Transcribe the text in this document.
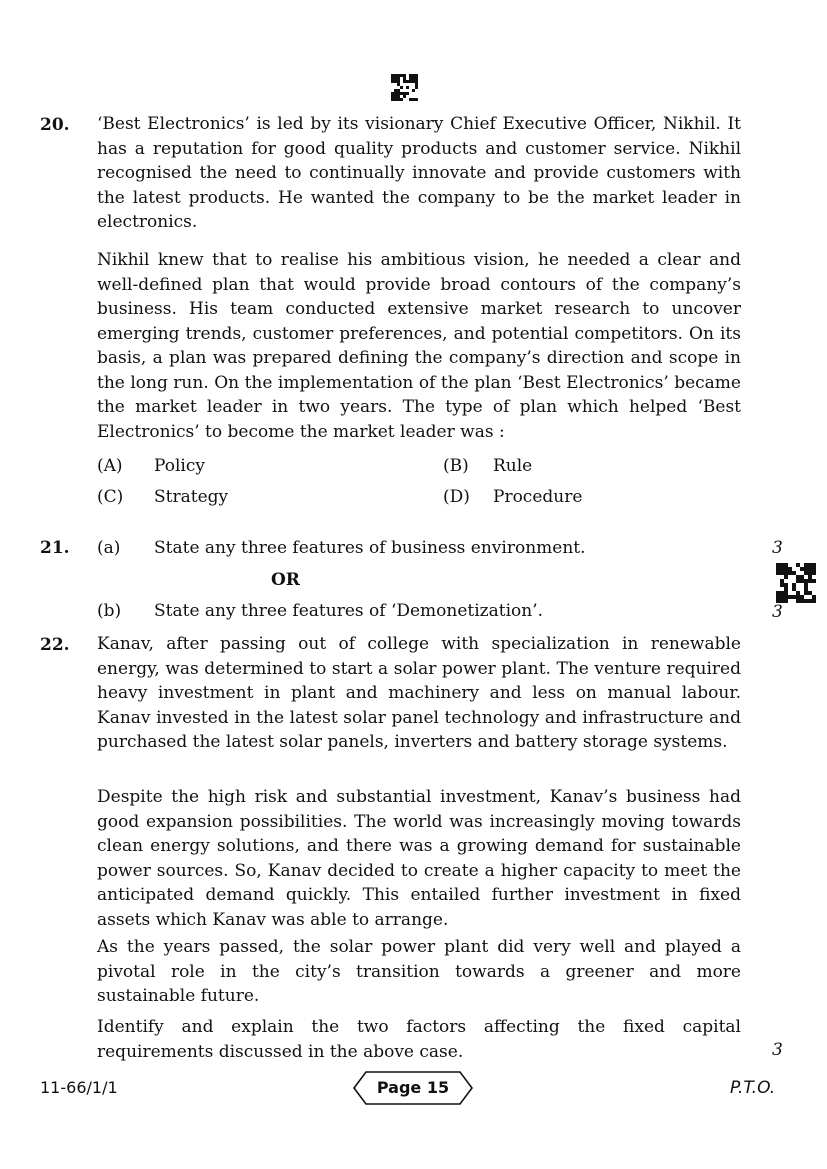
20. ‘Best Electronics’ is led by its visionary Chief Executive Officer, Nikhil. It has a reputation for good quality products and customer service. Nikhil recognised the need to continually innovate and provide customers with the latest products. He wanted the company to be the market leader in electronics.

Nikhil knew that to realise his ambitious vision, he needed a clear and well-defined plan that would provide broad contours of the company’s business. His team conducted extensive market research to uncover emerging trends, customer preferences, and potential competitors. On its basis, a plan was prepared defining the company’s direction and scope in the long run. On the implementation of the plan ‘Best Electronics’ became the market leader in two years. The type of plan which helped ‘Best Electronics’ to become the market leader was :

(A) Policy	(B) Rule
(C) Strategy	(D) Procedure
21. (a) State any three features of business environment.	3
OR
(b) State any three features of ‘Demonetization’.	3
22. Kanav, after passing out of college with specialization in renewable energy, was determined to start a solar power plant. The venture required heavy investment in plant and machinery and less on manual labour. Kanav invested in the latest solar panel technology and infrastructure and purchased the latest solar panels, inverters and battery storage systems.

Despite the high risk and substantial investment, Kanav’s business had good expansion possibilities. The world was increasingly moving towards clean energy solutions, and there was a growing demand for sustainable power sources. So, Kanav decided to create a higher capacity to meet the anticipated demand quickly. This entailed further investment in fixed assets which Kanav was able to arrange.

As the years passed, the solar power plant did very well and played a pivotal role in the city’s transition towards a greener and more sustainable future.

Identify and explain the two factors affecting the fixed capital requirements discussed in the above case.	3
11-66/1/1	Page 15	P.T.O.
